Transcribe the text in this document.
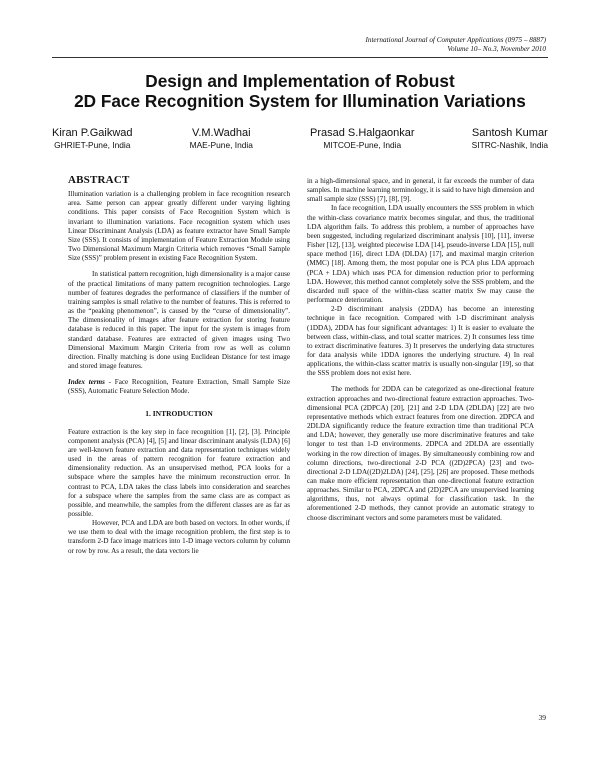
International Journal of Computer Applications (0975 – 8887)
Volume 10– No.3, November 2010
Design and Implementation of Robust
2D Face Recognition System for Illumination Variations
Kiran P.Gaikwad
GHRIET-Pune, India
V.M.Wadhai
MAE-Pune, India
Prasad S.Halgaonkar
MITCOE-Pune, India
Santosh Kumar
SITRC-Nashik, India
ABSTRACT

Illumination variation is a challenging problem in face recognition research area. Same person can appear greatly different under varying lighting conditions. This paper consists of Face Recognition System which is invariant to illumination variations. Face recognition system which uses Linear Discriminant Analysis (LDA) as feature extractor have Small Sample Size (SSS). It consists of implementation of Feature Extraction Module using Two Dimensional Maximum Margin Criteria which removes “Small Sample Size (SSS)” problem present in existing Face Recognition System.

In statistical pattern recognition, high dimensionality is a major cause of the practical limitations of many pattern recognition technologies. Large number of features degrades the performance of classifiers if the number of training samples is small relative to the number of features. This is referred to as the “peaking phenomenon”, is caused by the “curse of dimensionality”. The dimensionality of images after feature extraction for storing feature database is reduced in this paper. The input for the system is images from standard database. Features are extracted of given images using Two Dimensional Maximum Margin Criteria from row as well as column direction. Finally matching is done using Euclidean Distance for test image and stored image features.

Index terms - Face Recognition, Feature Extraction, Small Sample Size (SSS), Automatic Feature Selection Mode.

1. INTRODUCTION

Feature extraction is the key step in face recognition [1], [2], [3]. Principle component analysis (PCA) [4], [5] and linear discriminant analysis (LDA) [6] are well-known feature extraction and data representation techniques widely used in the areas of pattern recognition for feature extraction and dimensionality reduction. As an unsupervised method, PCA looks for a subspace where the samples have the minimum reconstruction error. In contrast to PCA, LDA takes the class labels into consideration and searches for a subspace where the samples from the same class are as compact as possible, and meanwhile, the samples from the different classes are as far as possible.

However, PCA and LDA are both based on vectors. In other words, if we use them to deal with the image recognition problem, the first step is to transform 2-D face image matrices into 1-D image vectors column by column or row by row. As a result, the data vectors lie

in a high-dimensional space, and in general, it far exceeds the number of data samples. In machine learning terminology, it is said to have high dimension and small sample size (SSS) [7], [8], [9].

In face recognition, LDA usually encounters the SSS problem in which the within-class covariance matrix becomes singular, and thus, the traditional LDA algorithm fails. To address this problem, a number of approaches have been suggested, including regularized discriminant analysis [10], [11], inverse Fisher [12], [13], weighted piecewise LDA [14], pseudo-inverse LDA [15], null space method [16], direct LDA (DLDA) [17], and maximal margin criterion (MMC) [18]. Among them, the most popular one is PCA plus LDA approach (PCA + LDA) which uses PCA for dimension reduction prior to performing LDA. However, this method cannot completely solve the SSS problem, and the discarded null space of the within-class scatter matrix Sw may cause the performance deterioration.

2-D discriminant analysis (2DDA) has become an interesting technique in face recognition. Compared with 1-D discriminant analysis (1DDA), 2DDA has four significant advantages: 1) It is easier to evaluate the between class, within-class, and total scatter matrices. 2) It consumes less time to extract discriminative features. 3) It preserves the underlying data structures for data analysis while 1DDA ignores the underlying structure. 4) In real applications, the within-class scatter matrix is usually non-singular [19], so that the SSS problem does not exist here.

The methods for 2DDA can be categorized as one-directional feature extraction approaches and two-directional feature extraction approaches. Two-dimensional PCA (2DPCA) [20], [21] and 2-D LDA (2DLDA) [22] are two representative methods which extract features from one direction. 2DPCA and 2DLDA significantly reduce the feature extraction time than traditional PCA and LDA; however, they generally use more discriminative features and take longer to test than 1-D environments. 2DPCA and 2DLDA are essentially working in the row direction of images. By simultaneously combining row and column directions, two-directional 2-D PCA ((2D)2PCA) [23] and two-directional 2-D LDA((2D)2LDA) [24], [25], [26] are proposed. These methods can make more efficient representation than one-directional feature extraction approaches. Similar to PCA, 2DPCA and (2D)2PCA are unsupervised learning algorithms, thus, not always optimal for classification task. In the aforementioned 2-D methods, they cannot provide an automatic strategy to choose discriminant vectors and some parameters must be validated.

39
